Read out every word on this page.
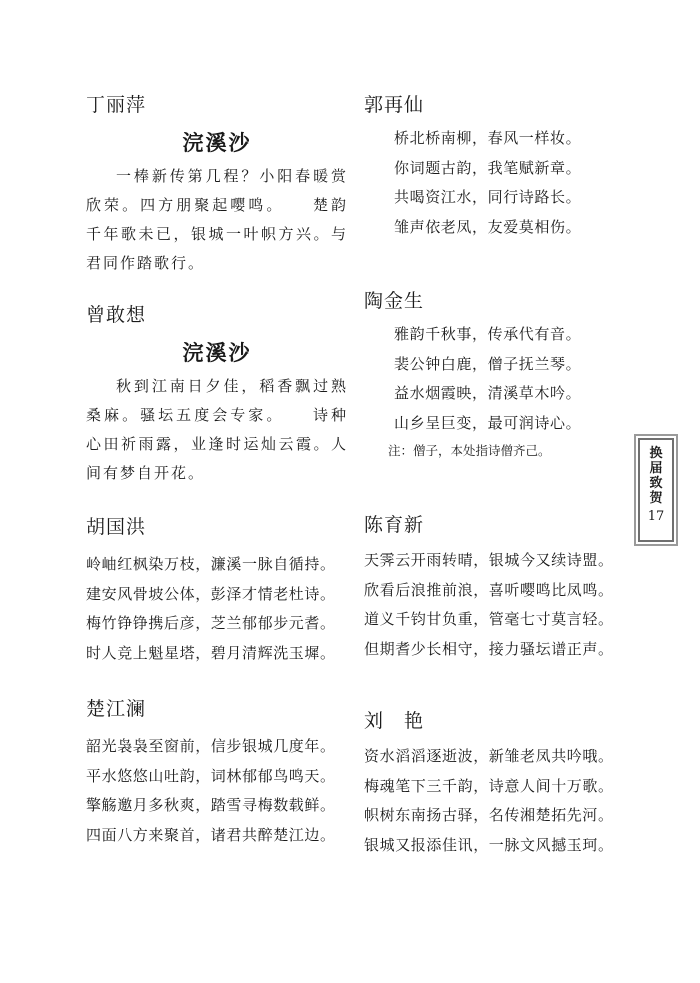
丁丽萍
浣溪沙

一棒新传第几程？小阳春暖赏欣荣。四方朋聚起嘤鸣。　　楚韵千年歌未已，银城一叶帜方兴。与君同作踏歌行。

曾敢想
浣溪沙

秋到江南日夕佳，稻香飘过熟桑麻。骚坛五度会专家。　　诗种心田祈雨露，业逢时运灿云霞。人间有梦自开花。

胡国洪

岭岫红枫染万枝，濂溪一脉自循持。

建安风骨坡公体，彭泽才情老杜诗。

梅竹铮铮携后彦，芝兰郁郁步元耆。

时人竞上魁星塔，碧月清辉洗玉墀。

楚江澜

韶光袅袅至窗前，信步银城几度年。

平水悠悠山吐韵，词林郁郁鸟鸣天。

擎觞邀月多秋爽，踏雪寻梅数载鲜。

四面八方来聚首，诸君共醉楚江边。

郭再仙

桥北桥南柳，春风一样妆。

你词题古韵，我笔赋新章。

共喝资江水，同行诗路长。

雏声依老凤，友爱莫相伤。

陶金生

雅韵千秋事，传承代有音。

裴公钟白鹿，僧子抚兰琴。

益水烟霞映，清溪草木吟。

山乡呈巨变，最可润诗心。

注：僧子，本处指诗僧齐己。

陈育新

天霁云开雨转晴，银城今又续诗盟。

欣看后浪推前浪，喜听嘤鸣比凤鸣。

道义千钧甘负重，管毫七寸莫言轻。

但期耆少长相守，接力骚坛谱正声。

刘　艳

资水滔滔逐逝波，新雏老凤共吟哦。

梅魂笔下三千韵，诗意人间十万歌。

帜树东南扬古驿，名传湘楚拓先河。

银城又报添佳讯，一脉文风撼玉珂。

换届致贺
17
